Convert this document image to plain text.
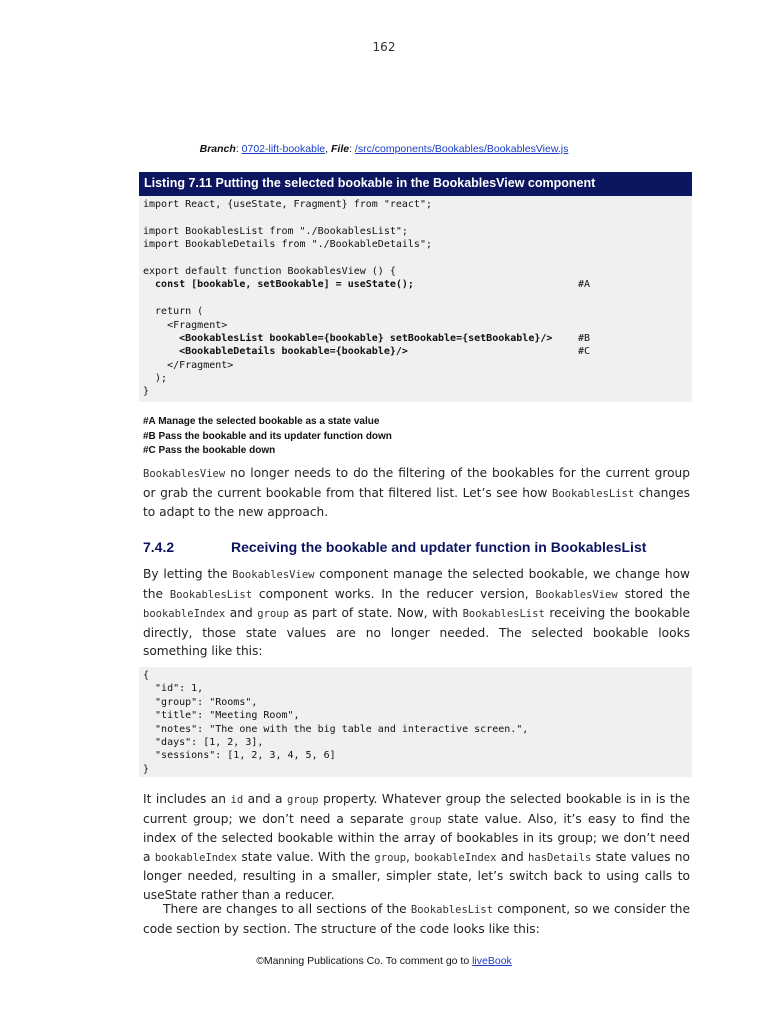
162
Branch: 0702-lift-bookable, File: /src/components/Bookables/BookablesView.js
Listing 7.11 Putting the selected bookable in the BookablesView component
import React, {useState, Fragment} from "react";
import BookablesList from "./BookablesList";
import BookableDetails from "./BookableDetails";
export default function BookablesView () {
const [bookable, setBookable] = useState();	#A
return (
<Fragment>
<BookablesList bookable={bookable} setBookable={setBookable}/>	#B
<BookableDetails bookable={bookable}/>	#C
</Fragment>
);
}
#A Manage the selected bookable as a state value
#B Pass the bookable and its updater function down
#C Pass the bookable down
BookablesView no longer needs to do the filtering of the bookables for the current group or grab the current bookable from that filtered list. Let’s see how BookablesList changes to adapt to the new approach.
7.4.2	Receiving the bookable and updater function in BookablesList
By letting the BookablesView component manage the selected bookable, we change how the BookablesList component works. In the reducer version, BookablesView stored the bookableIndex and group as part of state. Now, with BookablesList receiving the bookable directly, those state values are no longer needed. The selected bookable looks something like this:
{
"id": 1,
"group": "Rooms",
"title": "Meeting Room",
"notes": "The one with the big table and interactive screen.",
"days": [1, 2, 3],
"sessions": [1, 2, 3, 4, 5, 6]
}
It includes an id and a group property. Whatever group the selected bookable is in is the current group; we don’t need a separate group state value. Also, it’s easy to find the index of the selected bookable within the array of bookables in its group; we don’t need a bookableIndex state value. With the group, bookableIndex and hasDetails state values no longer needed, resulting in a smaller, simpler state, let’s switch back to using calls to useState rather than a reducer.
There are changes to all sections of the BookablesList component, so we consider the code section by section. The structure of the code looks like this:
©Manning Publications Co. To comment go to liveBook
